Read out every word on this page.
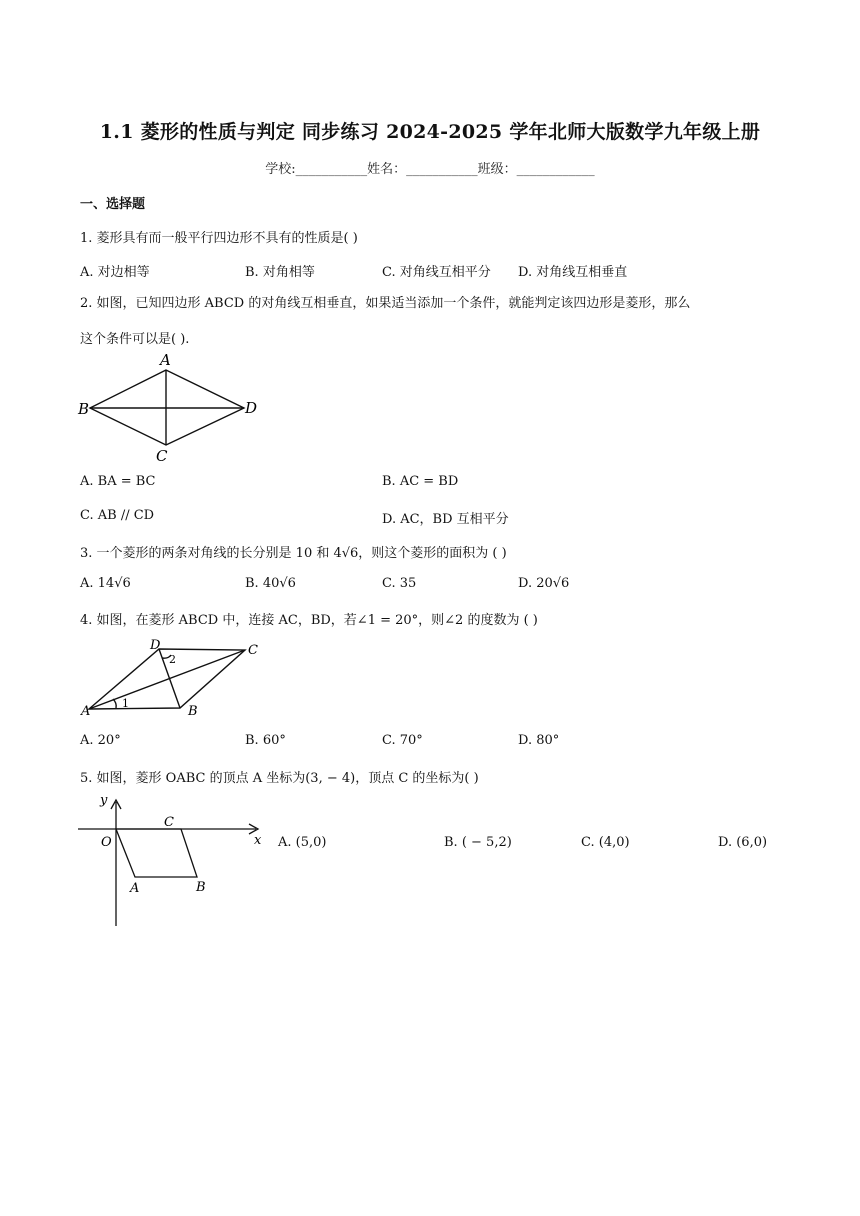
1.1 菱形的性质与判定 同步练习 2024-2025 学年北师大版数学九年级上册
学校:___________姓名：___________班级：____________
一、选择题
1. 菱形具有而一般平行四边形不具有的性质是( )
A. 对边相等	B. 对角相等	C. 对角线互相平分 D. 对角线互相垂直
2. 如图，已知四边形 ABCD 的对角线互相垂直，如果适当添加一个条件，就能判定该四边形是菱形，那么
这个条件可以是( ).
A
B
C
D
A. BA = BC	B. AC = BD
C. AB // CD	D. AC，BD 互相平分
3. 一个菱形的两条对角线的长分别是 10 和 4√6，则这个菱形的面积为 ( )
A. 14√6	B. 40√6	C. 35	D. 20√6
4. 如图，在菱形 ABCD 中，连接 AC，BD，若∠1 = 20°，则∠2 的度数为 ( )
A	B
C
D
1
2
A. 20°	B. 60°	C. 70°	D. 80°
5. 如图，菱形 OABC 的顶点 A 坐标为(3, − 4)，顶点 C 的坐标为( )
y
x
O
C
A	B
A. (5,0)	B. ( − 5,2)	C. (4,0)	D. (6,0)
